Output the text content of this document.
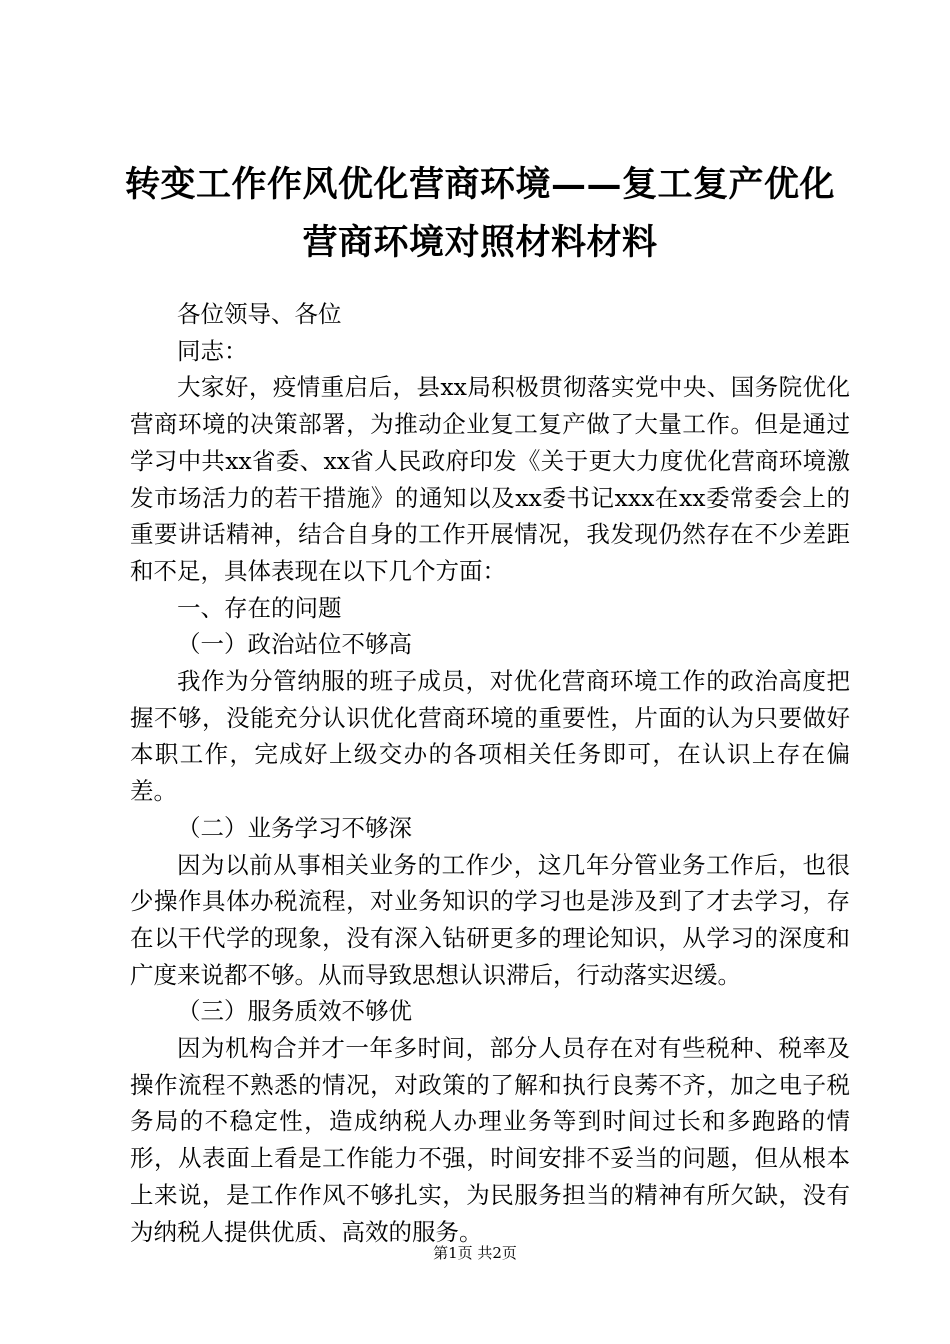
转变工作作风优化营商环境——复工复产优化
营商环境对照材料材料

各位领导、各位

同志：

大家好，疫情重启后，县xx局积极贯彻落实党中央、国务院优化营商环境的决策部署，为推动企业复工复产做了大量工作。但是通过学习中共xx省委、xx省人民政府印发《关于更大力度优化营商环境激发市场活力的若干措施》的通知以及xx委书记xxx在xx委常委会上的重要讲话精神，结合自身的工作开展情况，我发现仍然存在不少差距和不足，具体表现在以下几个方面：

一、存在的问题

（一）政治站位不够高

我作为分管纳服的班子成员，对优化营商环境工作的政治高度把握不够，没能充分认识优化营商环境的重要性，片面的认为只要做好本职工作，完成好上级交办的各项相关任务即可，在认识上存在偏差。

（二）业务学习不够深

因为以前从事相关业务的工作少，这几年分管业务工作后，也很少操作具体办税流程，对业务知识的学习也是涉及到了才去学习，存在以干代学的现象，没有深入钻研更多的理论知识，从学习的深度和广度来说都不够。从而导致思想认识滞后，行动落实迟缓。

（三）服务质效不够优

因为机构合并才一年多时间，部分人员存在对有些税种、税率及操作流程不熟悉的情况，对政策的了解和执行良莠不齐，加之电子税务局的不稳定性，造成纳税人办理业务等到时间过长和多跑路的情形，从表面上看是工作能力不强，时间安排不妥当的问题，但从根本上来说，是工作作风不够扎实，为民服务担当的精神有所欠缺，没有为纳税人提供优质、高效的服务。

第1页 共2页
